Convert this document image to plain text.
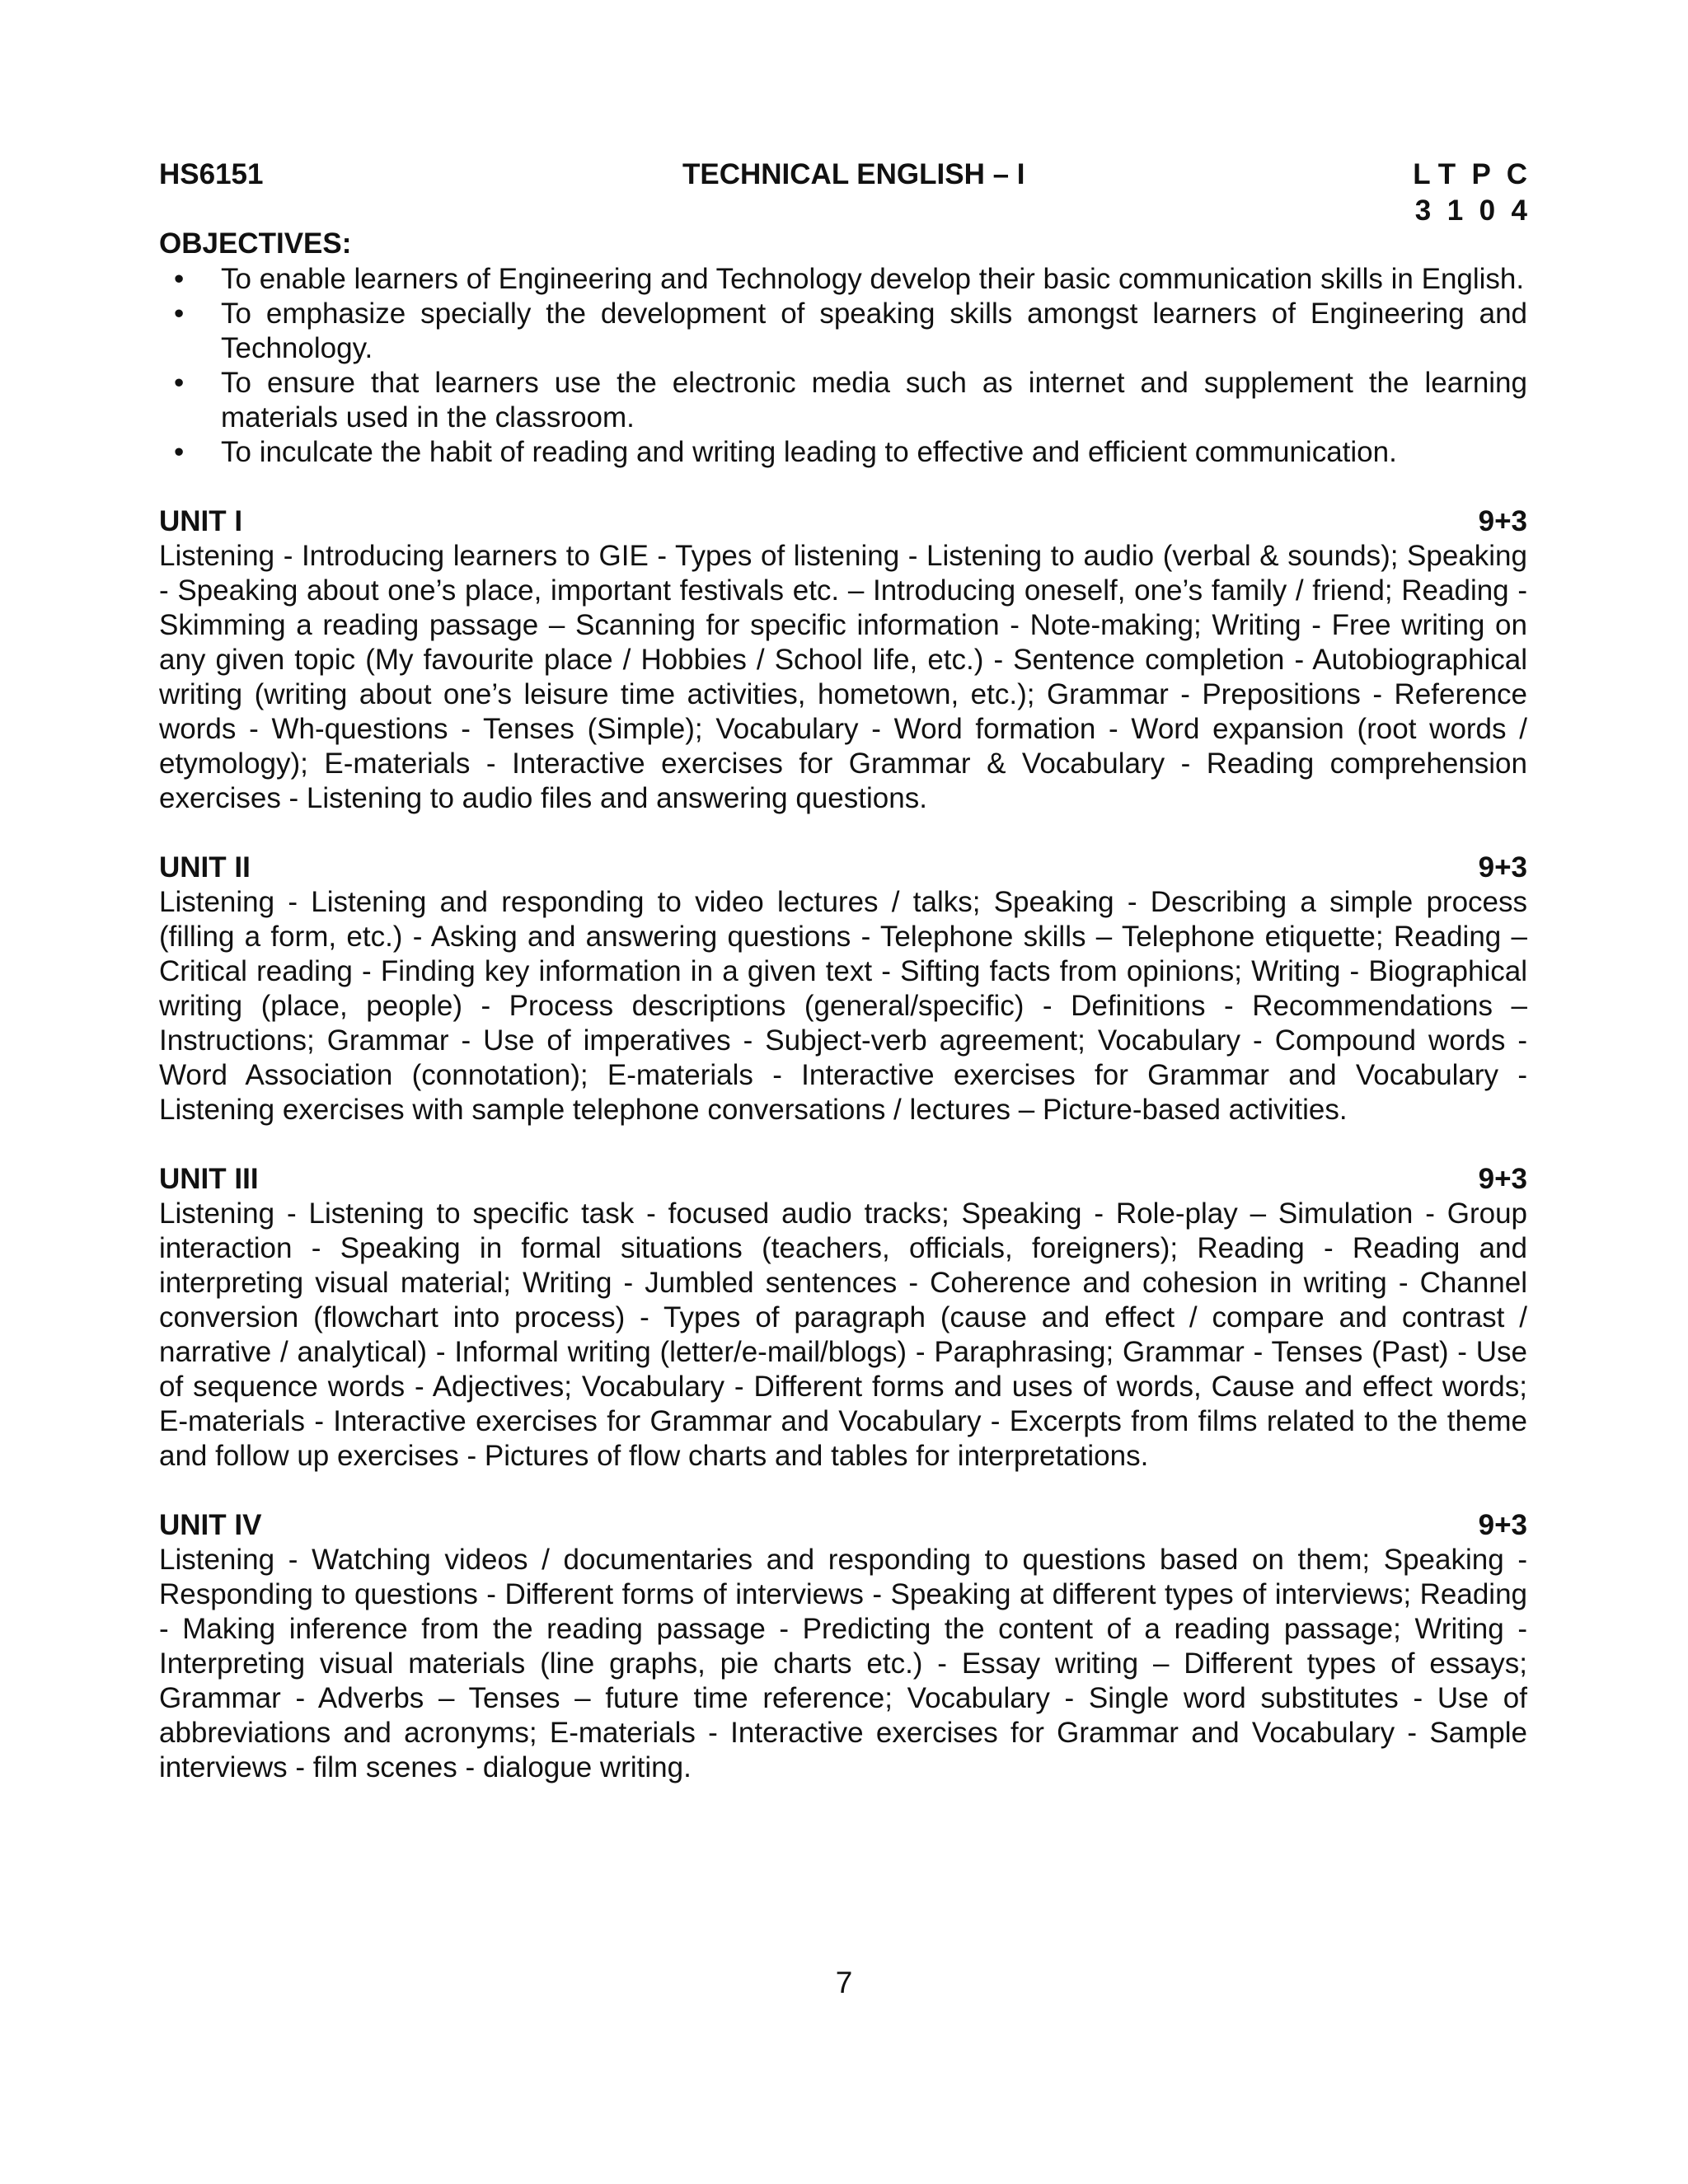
HS6151	TECHNICAL ENGLISH – I	L T  P  C
3  1  0  4
OBJECTIVES:
• To enable learners of Engineering and Technology develop their basic communication skills in English.
• To emphasize specially the development of speaking skills amongst learners of Engineering and Technology.
• To ensure that learners use the electronic media such as internet and supplement the learning materials used in the classroom.
• To inculcate the habit of reading and writing leading to effective and efficient communication.
UNIT I	9+3
Listening - Introducing learners to GIE - Types of listening - Listening to audio (verbal & sounds); Speaking - Speaking about one’s place, important festivals etc. – Introducing oneself, one’s family / friend; Reading - Skimming a reading passage – Scanning for specific information - Note-making; Writing - Free writing on any given topic (My favourite place / Hobbies / School life, etc.) - Sentence completion - Autobiographical writing (writing about one’s leisure time activities, hometown, etc.); Grammar - Prepositions - Reference words - Wh-questions - Tenses (Simple); Vocabulary - Word formation - Word expansion (root words / etymology); E-materials - Interactive exercises for Grammar & Vocabulary - Reading comprehension exercises - Listening to audio files and answering questions.
UNIT II	9+3
Listening - Listening and responding to video lectures / talks; Speaking - Describing a simple process (filling a form, etc.) - Asking and answering questions - Telephone skills – Telephone etiquette; Reading – Critical reading - Finding key information in a given text - Sifting facts from opinions; Writing - Biographical writing (place, people) - Process descriptions (general/specific) - Definitions - Recommendations – Instructions; Grammar - Use of imperatives - Subject-verb agreement; Vocabulary - Compound words - Word Association (connotation); E-materials - Interactive exercises for Grammar and Vocabulary - Listening exercises with sample telephone conversations / lectures – Picture-based activities.
UNIT III	9+3
Listening - Listening to specific task - focused audio tracks; Speaking - Role-play – Simulation - Group interaction - Speaking in formal situations (teachers, officials, foreigners); Reading - Reading and interpreting visual material; Writing - Jumbled sentences - Coherence and cohesion in writing - Channel conversion (flowchart into process) - Types of paragraph (cause and effect / compare and contrast / narrative / analytical) - Informal writing (letter/e-mail/blogs) - Paraphrasing; Grammar - Tenses (Past) - Use of sequence words - Adjectives; Vocabulary - Different forms and uses of words, Cause and effect words; E-materials - Interactive exercises for Grammar and Vocabulary - Excerpts from films related to the theme and follow up exercises - Pictures of flow charts and tables for interpretations.
UNIT IV	9+3
Listening - Watching videos / documentaries and responding to questions based on them; Speaking - Responding to questions - Different forms of interviews - Speaking at different types of interviews; Reading - Making inference from the reading passage - Predicting the content of a reading passage; Writing - Interpreting visual materials (line graphs, pie charts etc.) - Essay writing – Different types of essays; Grammar - Adverbs – Tenses – future time reference; Vocabulary - Single word substitutes - Use of abbreviations and acronyms; E-materials - Interactive exercises for Grammar and Vocabulary - Sample interviews - film scenes - dialogue writing.
7
